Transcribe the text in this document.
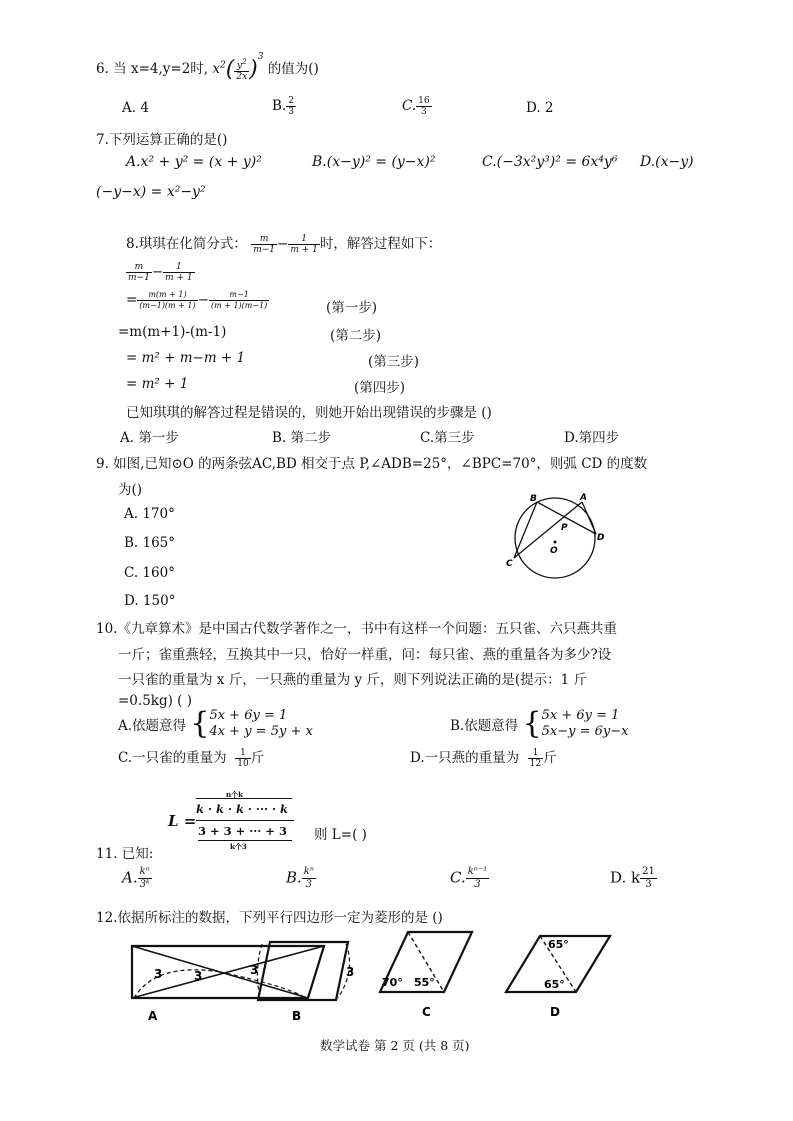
6. 当 x=4,y=2时, $x^2( \frac{y^2}{2x} )^3$ 的值为()
A. 4	B. $\frac{2}{3}$	C. $\frac{16}{3}$	D. 2
7.下列运算正确的是()
A.x² + y² = (x + y)²	B.(x−y)² = (y−x)²	C.(−3x²y³)² = 6x⁴y⁶ D.(x−y)
(−y−x) = x²−y²
8.琪琪在化简分式： $\frac{m}{m-1} - \frac{1}{m + 1}$ 时，解答过程如下：
$\frac{m}{m-1} - \frac{1}{m + 1}$
= $\frac{m(m + 1)}{(m-1)(m + 1)} - \frac{m-1}{(m + 1)(m-1)}$	(第一步)
=m(m+1)-(m-1)	(第二步)
= m² + m−m + 1	(第三步)
= m² + 1	(第四步)
已知琪琪的解答过程是错误的，则她开始出现错误的步骤是 ()
A. 第一步	B. 第二步	C.第三步	D.第四步
9. 如图,已知⊙O 的两条弦AC,BD 相交于点 P,∠ADB=25°，∠BPC=70°，则弧 CD 的度数
为()
A. 170°
B. 165°
C. 160°
D. 150°
B	A
P
O
D
C
10.《九章算术》是中国古代数学著作之一，书中有这样一个问题：五只雀、六只燕共重
一斤；雀重燕轻，互换其中一只，恰好一样重，问：每只雀、燕的重量各为多少?设
一只雀的重量为 x 斤，一只燕的重量为 y 斤，则下列说法正确的是(提示：1 斤
=0.5kg) ( )
A.依题意得 {5x + 6y = 1
4x + y = 5y + x	B.依题意得 {5x + 6y = 1
5x−y = 6y−x
C.一只雀的重量为 $\frac{1}{10}$ 斤	D.一只燕的重量为 $\frac{1}{12}$ 斤
11. 已知:
L =
n个k
k · k · k · ··· · k
3 + 3 + ··· + 3
k个3
则 L=( )
A. $\frac{\text{kⁿ}}{\text{3ᵏ}}$	B. $\frac{\text{kⁿ}}{3}$	C. $\frac{\text{kⁿ⁻¹}}{3}$	D. k $\frac{21}{3}$
12.依据所标注的数据，下列平行四边形一定为菱形的是 ()
3	3
A
3	3
B
70° 55°
C
65°
65°
D
数学试卷 第 2 页 (共 8 页)
